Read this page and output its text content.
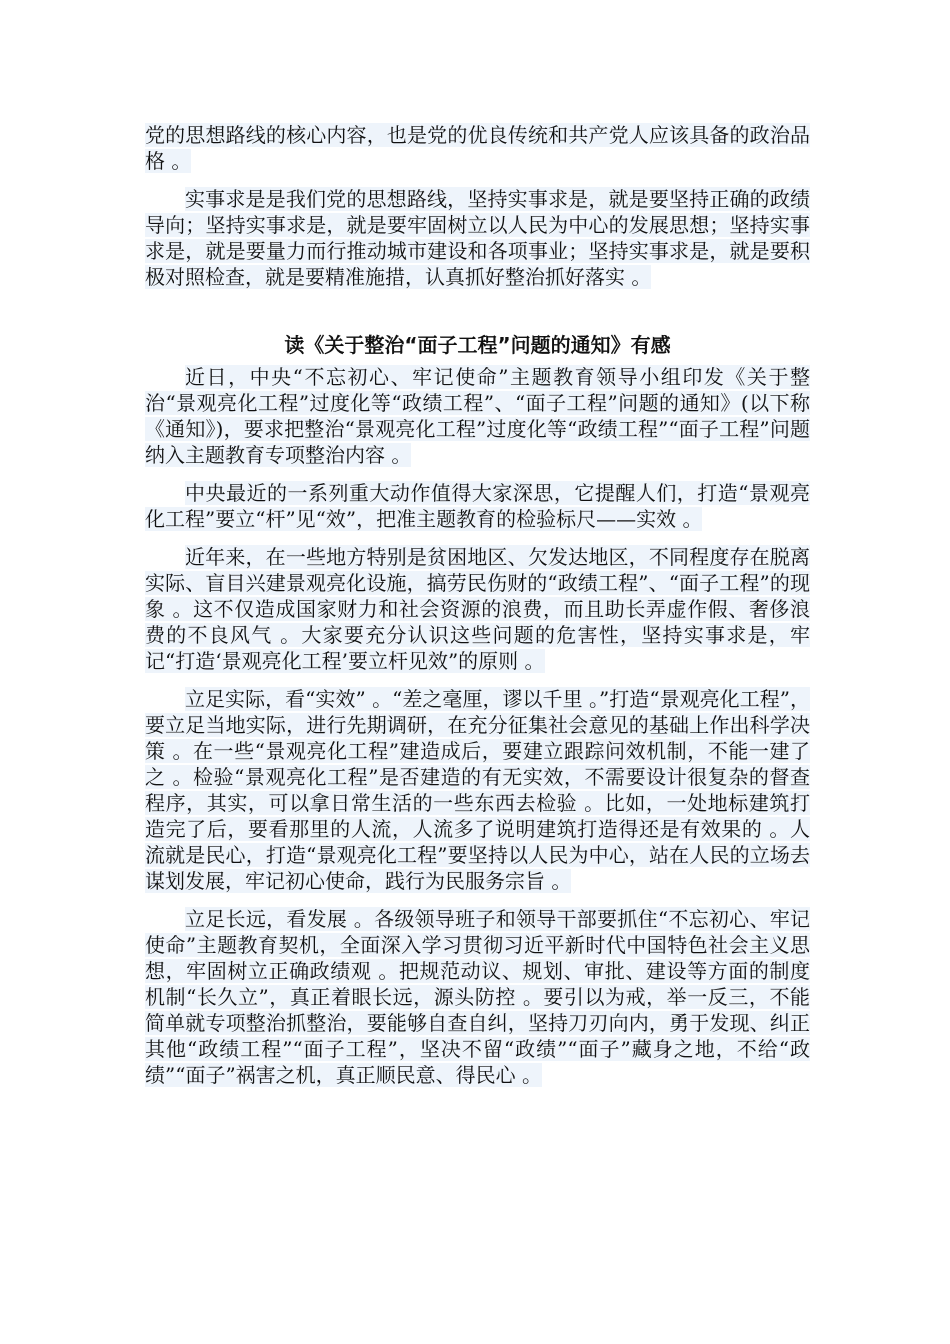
党的思想路线的核心内容，也是党的优良传统和共产党人应该具备的政治品格 。

实事求是是我们党的思想路线，坚持实事求是，就是要坚持正确的政绩导向；坚持实事求是，就是要牢固树立以人民为中心的发展思想；坚持实事求是，就是要量力而行推动城市建设和各项事业；坚持实事求是，就是要积极对照检查，就是要精准施措，认真抓好整治抓好落实 。

读《关于整治“面子工程”问题的通知》有感

近日，中央“不忘初心、牢记使命”主题教育领导小组印发《关于整治“景观亮化工程”过度化等“政绩工程”、“面子工程”问题的通知》(以下称《通知》)，要求把整治“景观亮化工程”过度化等“政绩工程”“面子工程”问题纳入主题教育专项整治内容 。

中央最近的一系列重大动作值得大家深思，它提醒人们，打造“景观亮化工程”要立“杆”见“效”，把准主题教育的检验标尺——实效 。

近年来，在一些地方特别是贫困地区、欠发达地区，不同程度存在脱离实际、盲目兴建景观亮化设施，搞劳民伤财的“政绩工程”、“面子工程”的现象 。这不仅造成国家财力和社会资源的浪费，而且助长弄虚作假、奢侈浪费的不良风气 。大家要充分认识这些问题的危害性，坚持实事求是，牢记“打造‘景观亮化工程’要立杆见效”的原则 。

立足实际，看“实效” 。“差之毫厘，谬以千里 。”打造“景观亮化工程”，要立足当地实际，进行先期调研，在充分征集社会意见的基础上作出科学决策 。在一些“景观亮化工程”建造成后，要建立跟踪问效机制，不能一建了之 。检验“景观亮化工程”是否建造的有无实效，不需要设计很复杂的督查程序，其实，可以拿日常生活的一些东西去检验 。比如，一处地标建筑打造完了后，要看那里的人流，人流多了说明建筑打造得还是有效果的 。人流就是民心，打造“景观亮化工程”要坚持以人民为中心，站在人民的立场去谋划发展，牢记初心使命，践行为民服务宗旨 。

立足长远，看发展 。各级领导班子和领导干部要抓住“不忘初心、牢记使命”主题教育契机，全面深入学习贯彻习近平新时代中国特色社会主义思想，牢固树立正确政绩观 。把规范动议、规划、审批、建设等方面的制度机制“长久立”，真正着眼长远，源头防控 。要引以为戒，举一反三，不能简单就专项整治抓整治，要能够自查自纠，坚持刀刃向内，勇于发现、纠正其他“政绩工程”“面子工程”，坚决不留“政绩”“面子”藏身之地，不给“政绩”“面子”祸害之机，真正顺民意、得民心 。
